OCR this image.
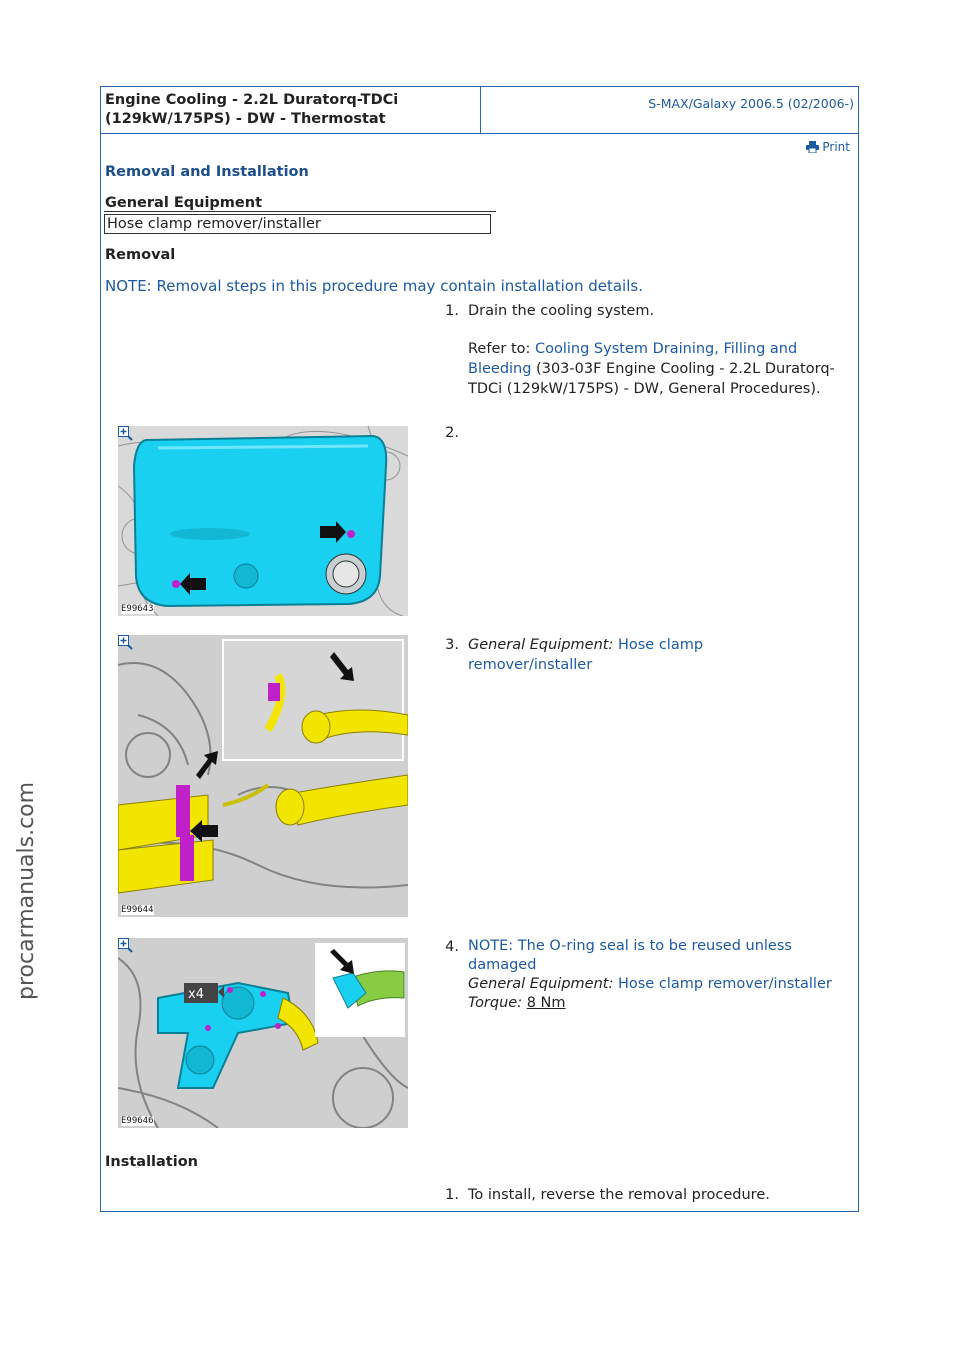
procarmanuals.com
Engine Cooling - 2.2L Duratorq-TDCi (129kW/175PS) - DW - Thermostat
S-MAX/Galaxy 2006.5 (02/2006-)
Print
Removal and Installation
General Equipment
Hose clamp remover/installer
Removal
NOTE: Removal steps in this procedure may contain installation details.
1. Drain the cooling system.
Refer to: Cooling System Draining, Filling and Bleeding (303-03F Engine Cooling - 2.2L Duratorq-TDCi (129kW/175PS) - DW, General Procedures).
E99643
2.
E99644
3. General Equipment: Hose clamp remover/installer
x4
E99646
4. NOTE: The O-ring seal is to be reused unless damaged
General Equipment: Hose clamp remover/installer
Torque: 8 Nm
Installation
1. To install, reverse the removal procedure.
